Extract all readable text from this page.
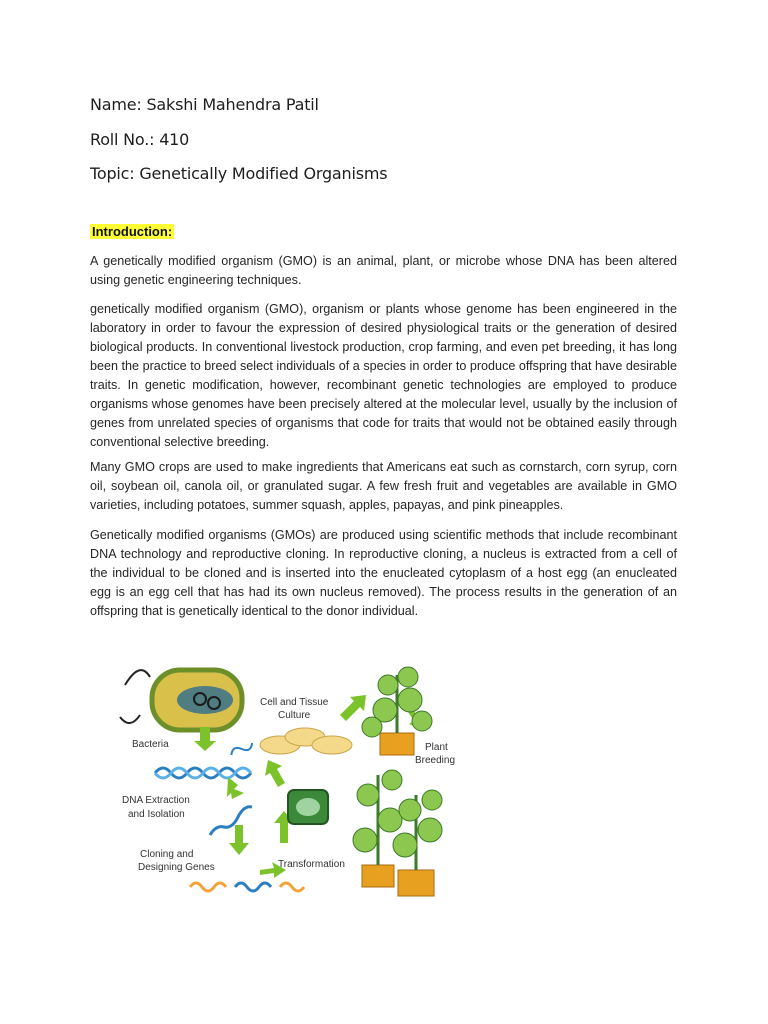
Name: Sakshi Mahendra Patil
Roll No.: 410
Topic: Genetically Modified Organisms
Introduction:

A genetically modified organism (GMO) is an animal, plant, or microbe whose DNA has been altered using genetic engineering techniques.

genetically modified organism (GMO), organism or plants whose genome has been engineered in the laboratory in order to favour the expression of desired physiological traits or the generation of desired biological products. In conventional livestock production, crop farming, and even pet breeding, it has long been the practice to breed select individuals of a species in order to produce offspring that have desirable traits. In genetic modification, however, recombinant genetic technologies are employed to produce organisms whose genomes have been precisely altered at the molecular level, usually by the inclusion of genes from unrelated species of organisms that code for traits that would not be obtained easily through conventional selective breeding.

Many GMO crops are used to make ingredients that Americans eat such as cornstarch, corn syrup, corn oil, soybean oil, canola oil, or granulated sugar. A few fresh fruit and vegetables are available in GMO varieties, including potatoes, summer squash, apples, papayas, and pink pineapples.

Genetically modified organisms (GMOs) are produced using scientific methods that include recombinant DNA technology and reproductive cloning. In reproductive cloning, a nucleus is extracted from a cell of the individual to be cloned and is inserted into the enucleated cytoplasm of a host egg (an enucleated egg is an egg cell that has had its own nucleus removed). The process results in the generation of an offspring that is genetically identical to the donor individual.

Bacteria
DNA Extraction
and Isolation
Cloning and
Designing Genes
Cell and Tissue
Culture
Transformation
Plant
Breeding
